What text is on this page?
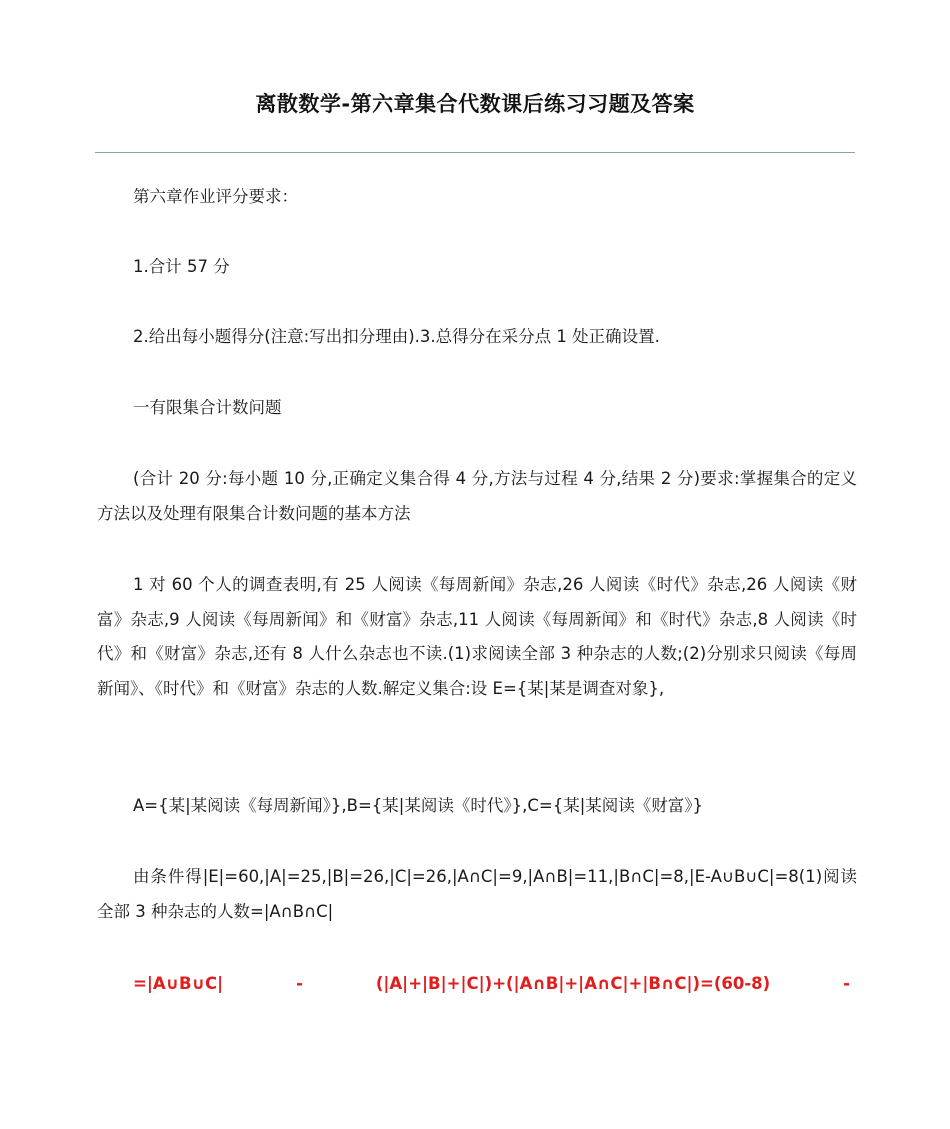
离散数学-第六章集合代数课后练习习题及答案

第六章作业评分要求：

1.合计 57 分

2.给出每小题得分(注意:写出扣分理由).3.总得分在采分点 1 处正确设置.

一有限集合计数问题

(合计 20 分:每小题 10 分,正确定义集合得 4 分,方法与过程 4 分,结果 2 分)要求:掌握集合的定义方法以及处理有限集合计数问题的基本方法

1 对 60 个人的调查表明,有 25 人阅读《每周新闻》杂志,26 人阅读《时代》杂志,26 人阅读《财富》杂志,9 人阅读《每周新闻》和《财富》杂志,11 人阅读《每周新闻》和《时代》杂志,8 人阅读《时代》和《财富》杂志,还有 8 人什么杂志也不读.(1)求阅读全部 3 种杂志的人数;(2)分别求只阅读《每周新闻》、《时代》和《财富》杂志的人数.解定义集合:设 E={某|某是调查对象},

A={某|某阅读《每周新闻》},B={某|某阅读《时代》},C={某|某阅读《财富》}

由条件得|E|=60,|A|=25,|B|=26,|C|=26,|A∩C|=9,|A∩B|=11,|B∩C|=8,|E-A∪B∪C|=8(1)阅读全部 3 种杂志的人数=|A∩B∩C|

=|A∪B∪C|	-	(|A|+|B|+|C|)+(|A∩B|+|A∩C|+|B∩C|)=(60-8)	-
